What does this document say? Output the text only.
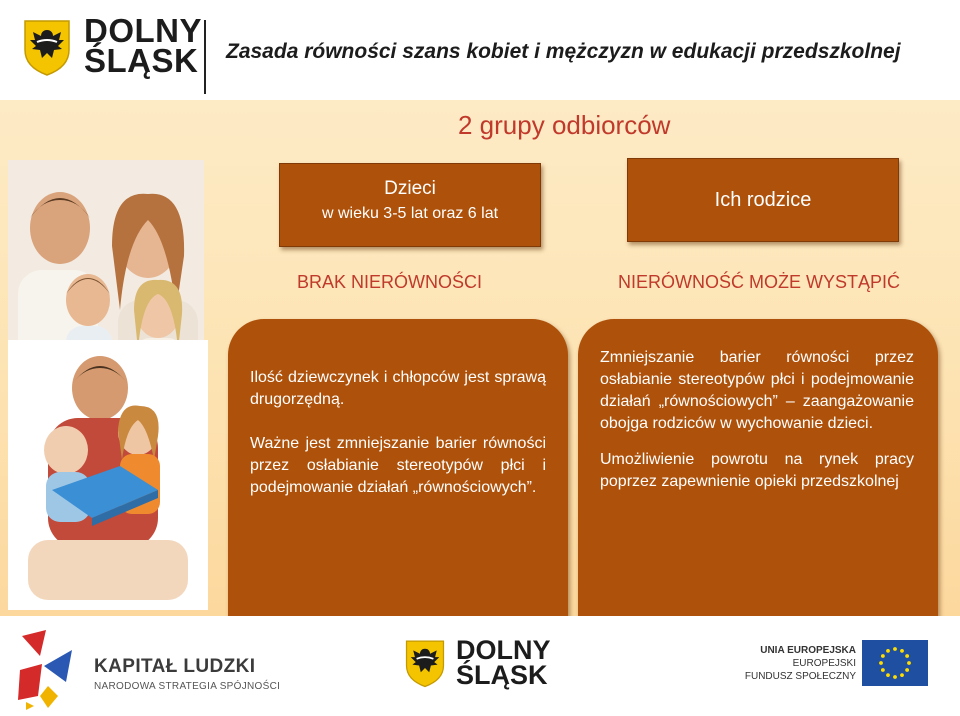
DOLNY
ŚLĄSK Zasada równości szans kobiet i mężczyzn w edukacji przedszkolnej
2 grupy odbiorców
Dzieci
w wieku 3-5 lat oraz 6 lat
Ich rodzice
BRAK NIERÓWNOŚCI	NIERÓWNOŚĆ MOŻE WYSTĄPIĆ

Ilość dziewczynek i chłopców jest sprawą drugorzędną.

Ważne jest zmniejszanie barier równości przez osłabianie stereotypów płci i podejmowanie działań „równościowych”.

Zmniejszanie barier równości przez osłabianie stereotypów płci i podejmowanie działań „równościowych” – zaangażowanie obojga rodziców w wychowanie dzieci.

Umożliwienie powrotu na rynek pracy poprzez zapewnienie opieki przedszkolnej

KAPITAŁ LUDZKI
NARODOWA STRATEGIA SPÓJNOŚCI
DOLNY
ŚLĄSK
UNIA EUROPEJSKA
EUROPEJSKI
FUNDUSZ SPOŁECZNY
